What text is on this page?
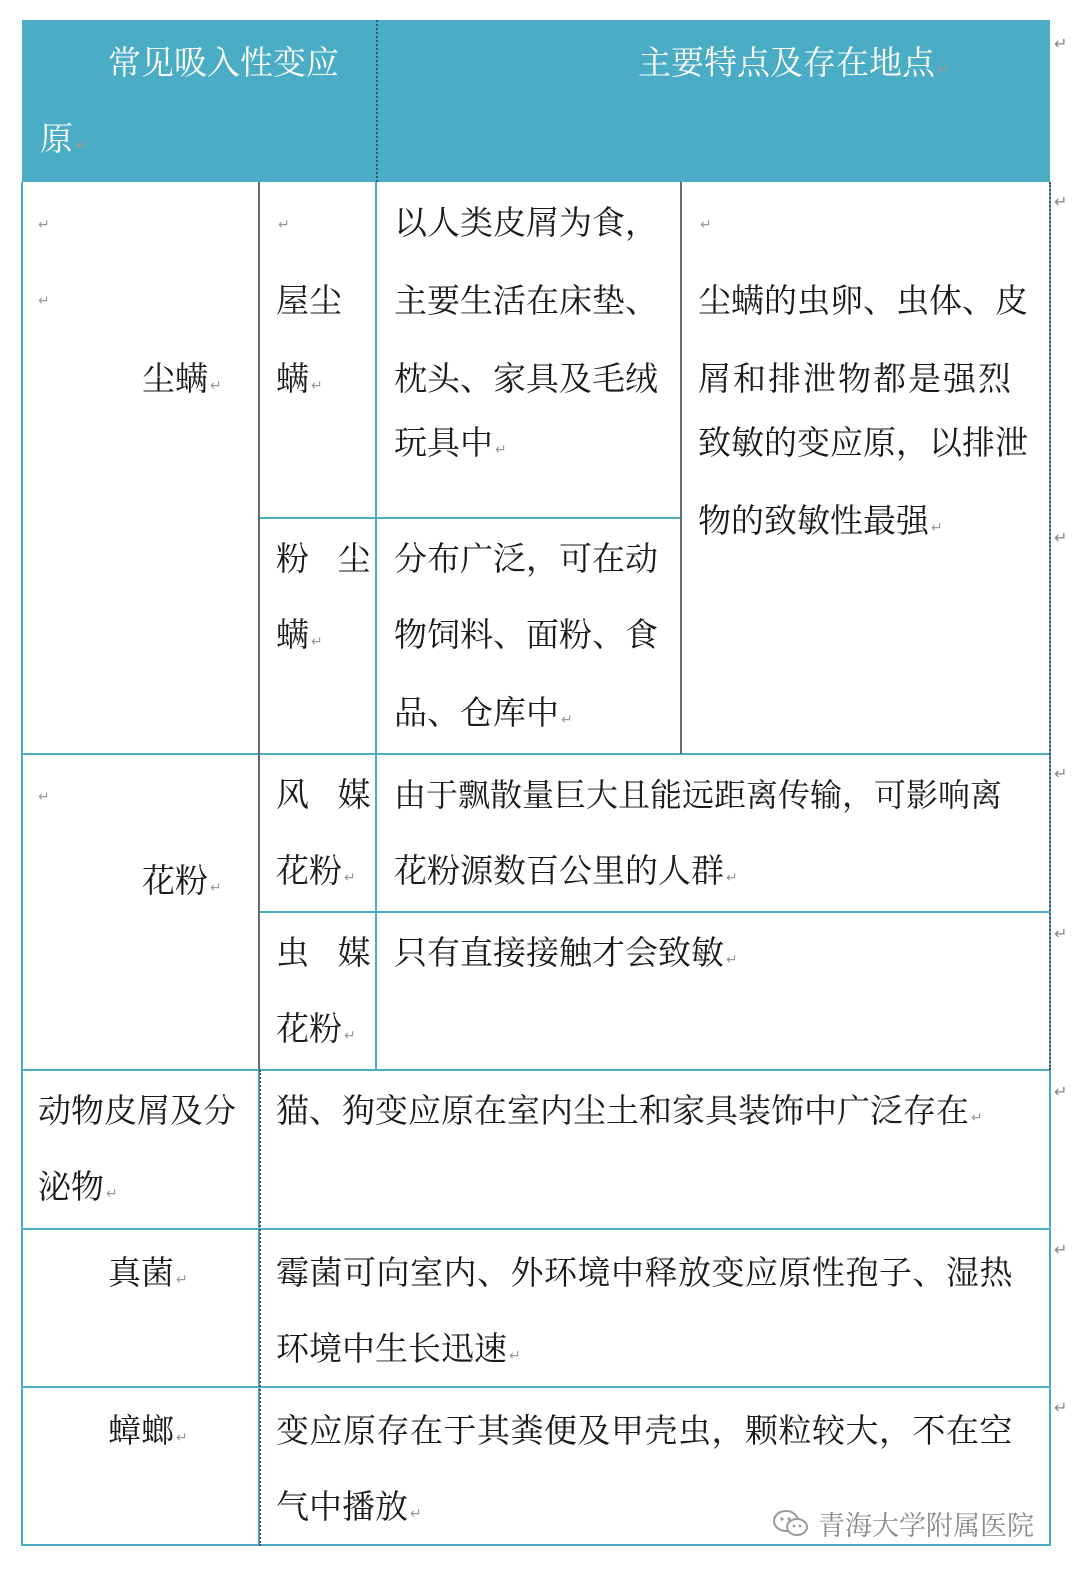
常见吸入性变应
原 ↵
主要特点及存在地点 ↵
↵
↵
尘螨 ↵
↵
屋尘
螨 ↵
以人类皮屑为食，
主要生活在床垫、
枕头、家具及毛绒
玩具中 ↵
粉 尘
螨 ↵
分布广泛，可在动
物饲料、面粉、食
品、仓库中 ↵
↵
尘螨的虫卵、虫体、皮
屑和排泄物都是强烈
致敏的变应原，以排泄
物的致敏性最强 ↵
↵
花粉 ↵
风 媒
花粉 ↵
由于飘散量巨大且能远距离传输，可影响离
花粉源数百公里的人群 ↵
虫 媒
花粉 ↵
只有直接接触才会致敏 ↵
动物皮屑及分
泌物 ↵
猫、狗变应原在室内尘土和家具装饰中广泛存在 ↵
真菌 ↵	霉菌可向室内、外环境中释放变应原性孢子、湿热
环境中生长迅速 ↵
蟑螂 ↵	变应原存在于其粪便及甲壳虫，颗粒较大，不在空
气中播放 ↵
↵
↵
↵
↵
↵
↵
↵
↵
青海大学附属医院
